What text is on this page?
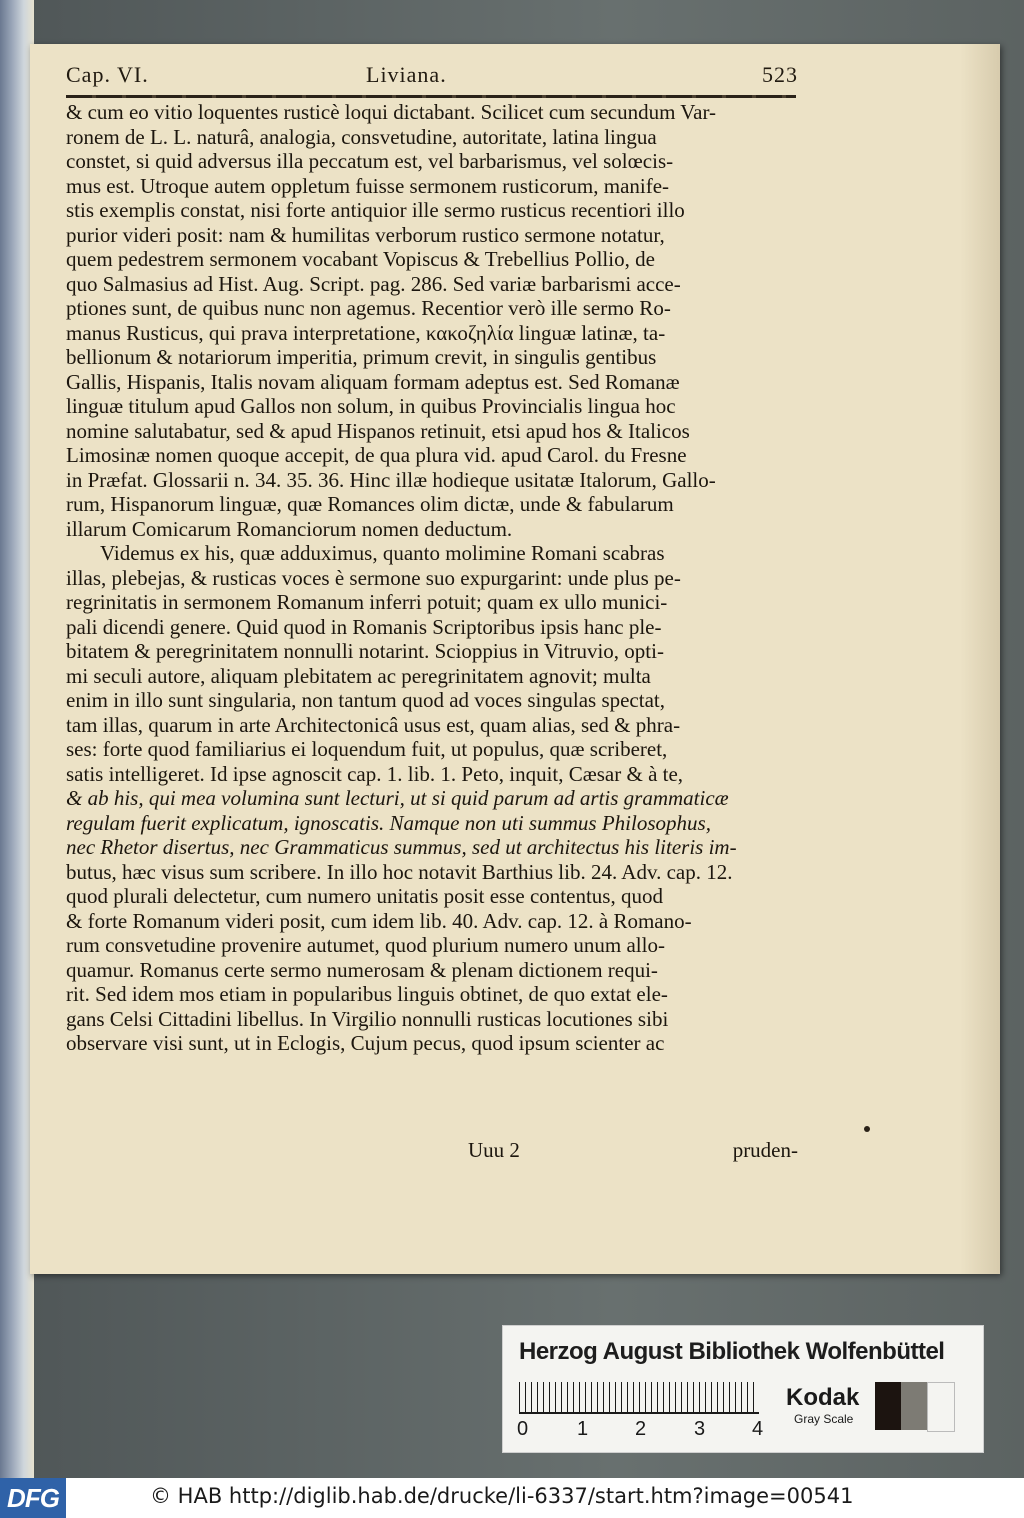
Cap. VI.	Liviana.	523
& cum eo vitio loquentes rusticè loqui dictabant. Scilicet cum secundum Var-
ronem de L. L. naturâ, analogia, consvetudine, autoritate, latina lingua
constet, si quid adversus illa peccatum est, vel barbarismus, vel solœcis-
mus est. Utroque autem oppletum fuisse sermonem rusticorum, manife-
stis exemplis constat, nisi forte antiquior ille sermo rusticus recentiori illo
purior videri posit: nam & humilitas verborum rustico sermone notatur,
quem pedestrem sermonem vocabant Vopiscus & Trebellius Pollio, de
quo Salmasius ad Hist. Aug. Script. pag. 286. Sed variæ barbarismi acce-
ptiones sunt, de quibus nunc non agemus. Recentior verò ille sermo Ro-
manus Rusticus, qui prava interpretatione, κακοζηλία linguæ latinæ, ta-
bellionum & notariorum imperitia, primum crevit, in singulis gentibus
Gallis, Hispanis, Italis novam aliquam formam adeptus est. Sed Romanæ
linguæ titulum apud Gallos non solum, in quibus Provincialis lingua hoc
nomine salutabatur, sed & apud Hispanos retinuit, etsi apud hos & Italicos
Limosinæ nomen quoque accepit, de qua plura vid. apud Carol. du Fresne
in Præfat. Glossarii n. 34. 35. 36. Hinc illæ hodieque usitatæ Italorum, Gallo-
rum, Hispanorum linguæ, quæ Romances olim dictæ, unde & fabularum
illarum Comicarum Romanciorum nomen deductum.
Videmus ex his, quæ adduximus, quanto molimine Romani scabras
illas, plebejas, & rusticas voces è sermone suo expurgarint: unde plus pe-
regrinitatis in sermonem Romanum inferri potuit; quam ex ullo munici-
pali dicendi genere. Quid quod in Romanis Scriptoribus ipsis hanc ple-
bitatem & peregrinitatem nonnulli notarint. Scioppius in Vitruvio, opti-
mi seculi autore, aliquam plebitatem ac peregrinitatem agnovit; multa
enim in illo sunt singularia, non tantum quod ad voces singulas spectat,
tam illas, quarum in arte Architectonicâ usus est, quam alias, sed & phra-
ses: forte quod familiarius ei loquendum fuit, ut populus, quæ scriberet,
satis intelligeret. Id ipse agnoscit cap. 1. lib. 1. Peto, inquit, Cæsar & à te,
& ab his, qui mea volumina sunt lecturi, ut si quid parum ad artis grammaticæ
regulam fuerit explicatum, ignoscatis. Namque non uti summus Philosophus,
nec Rhetor disertus, nec Grammaticus summus, sed ut architectus his literis im-
butus, hæc visus sum scribere. In illo hoc notavit Barthius lib. 24. Adv. cap. 12.
quod plurali delectetur, cum numero unitatis posit esse contentus, quod
& forte Romanum videri posit, cum idem lib. 40. Adv. cap. 12. à Romano-
rum consvetudine provenire autumet, quod plurium numero unum allo-
quamur. Romanus certe sermo numerosam & plenam dictionem requi-
rit. Sed idem mos etiam in popularibus linguis obtinet, de quo extat ele-
gans Celsi Cittadini libellus. In Virgilio nonnulli rusticas locutiones sibi
observare visi sunt, ut in Eclogis, Cujum pecus, quod ipsum scienter ac
Uuu 2	pruden-
Herzog August Bibliothek Wolfenbüttel
0 1 2 3 4
Kodak
Gray Scale
DFG	© HAB http://diglib.hab.de/drucke/li-6337/start.htm?image=00541
